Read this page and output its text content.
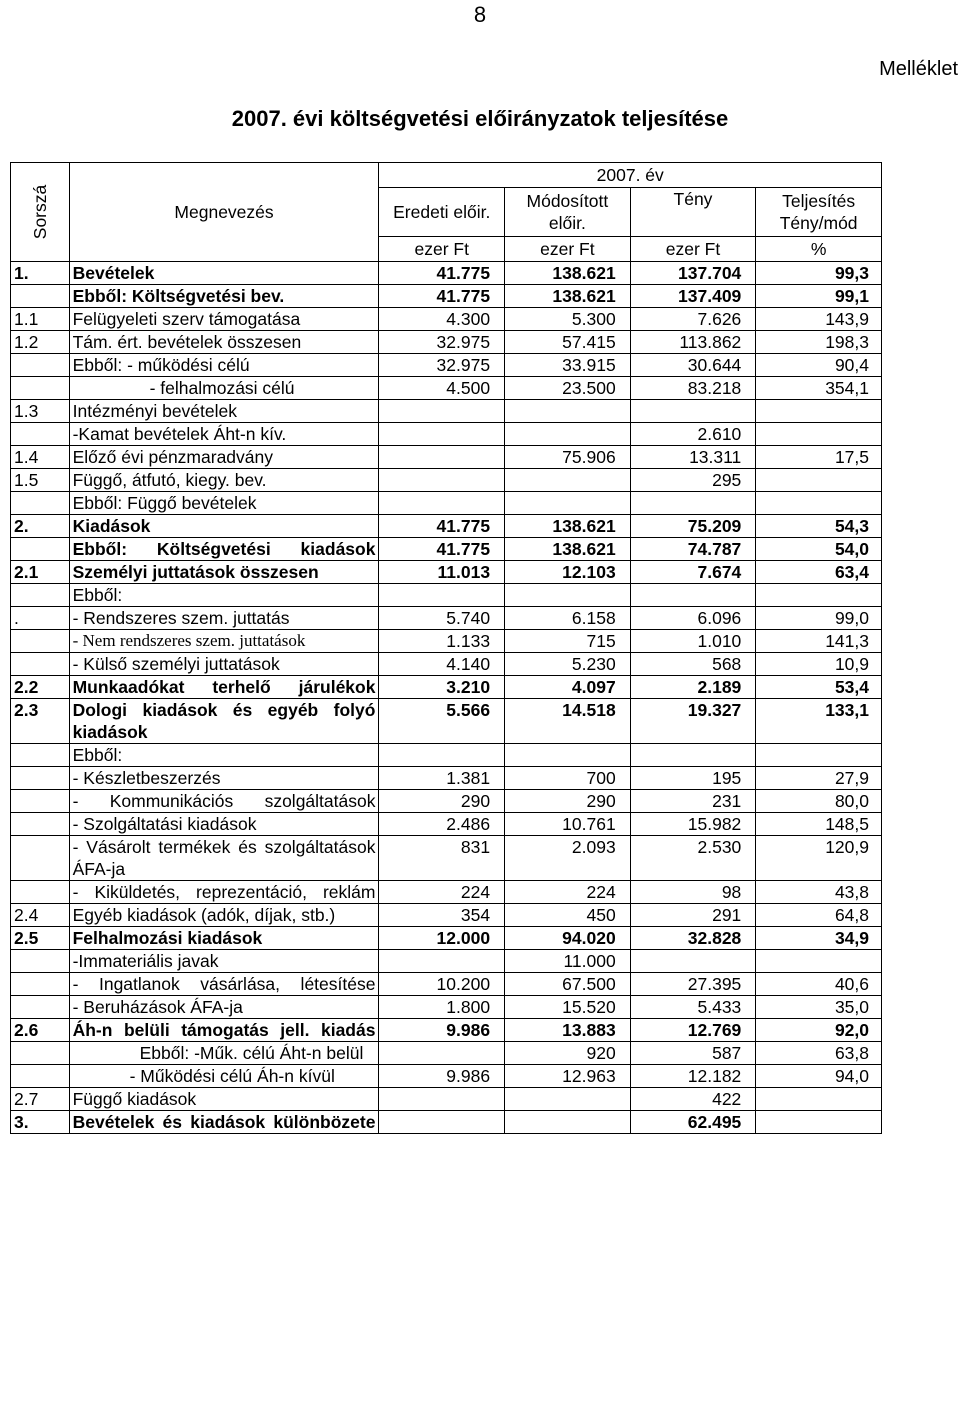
8
Melléklet
2007. évi költségvetési előirányzatok teljesítése
Sorszá	Megnevezés	2007. év			
		Eredeti előir.	Módosított előir.	Tény	Teljesítés Tény/mód
		ezer Ft	ezer Ft	ezer Ft	%
1.	Bevételek	41.775	138.621	137.704	99,3
	Ebből: Költségvetési bev.	41.775	138.621	137.409	99,1
1.1	Felügyeleti szerv támogatása	4.300	5.300	7.626	143,9
1.2	Tám. ért. bevételek összesen	32.975	57.415	113.862	198,3
	Ebből: - működési célú	32.975	33.915	30.644	90,4
	- felhalmozási célú	4.500	23.500	83.218	354,1
1.3	Intézményi bevételek				
	-Kamat bevételek Áht-n kív.			2.610	
1.4	Előző évi pénzmaradvány		75.906	13.311	17,5
1.5	Függő, átfutó, kiegy. bev.			295	
	Ebből: Függő bevételek				
2.	Kiadások	41.775	138.621	75.209	54,3
	Ebből: Költségvetési kiadások	41.775	138.621	74.787	54,0
2.1	Személyi juttatások összesen	11.013	12.103	7.674	63,4
	Ebből:				
.	- Rendszeres szem. juttatás	5.740	6.158	6.096	99,0
	- Nem rendszeres szem. juttatások	1.133	715	1.010	141,3
	- Külső személyi juttatások	4.140	5.230	568	10,9
2.2	Munkaadókat terhelő járulékok	3.210	4.097	2.189	53,4
2.3	Dologi kiadások és egyéb folyó kiadások	5.566	14.518	19.327	133,1
	Ebből:				
	- Készletbeszerzés	1.381	700	195	27,9
	- Kommunikációs szolgáltatások	290	290	231	80,0
	- Szolgáltatási kiadások	2.486	10.761	15.982	148,5
	- Vásárolt termékek és szolgáltatások ÁFA-ja	831	2.093	2.530	120,9
	- Kiküldetés, reprezentáció, reklám	224	224	98	43,8
2.4	Egyéb kiadások (adók, díjak, stb.)	354	450	291	64,8
2.5	Felhalmozási kiadások	12.000	94.020	32.828	34,9
	-Immateriális javak		11.000		
	- Ingatlanok vásárlása, létesítése	10.200	67.500	27.395	40,6
	- Beruházások ÁFA-ja	1.800	15.520	5.433	35,0
2.6	Áh-n belüli támogatás jell. kiadás	9.986	13.883	12.769	92,0
	Ebből: -Műk. célú Áht-n belül		920	587	63,8
	- Működési célú Áh-n kívül	9.986	12.963	12.182	94,0
2.7	Függő kiadások			422	
3.	Bevételek és kiadások különbözete			62.495	
